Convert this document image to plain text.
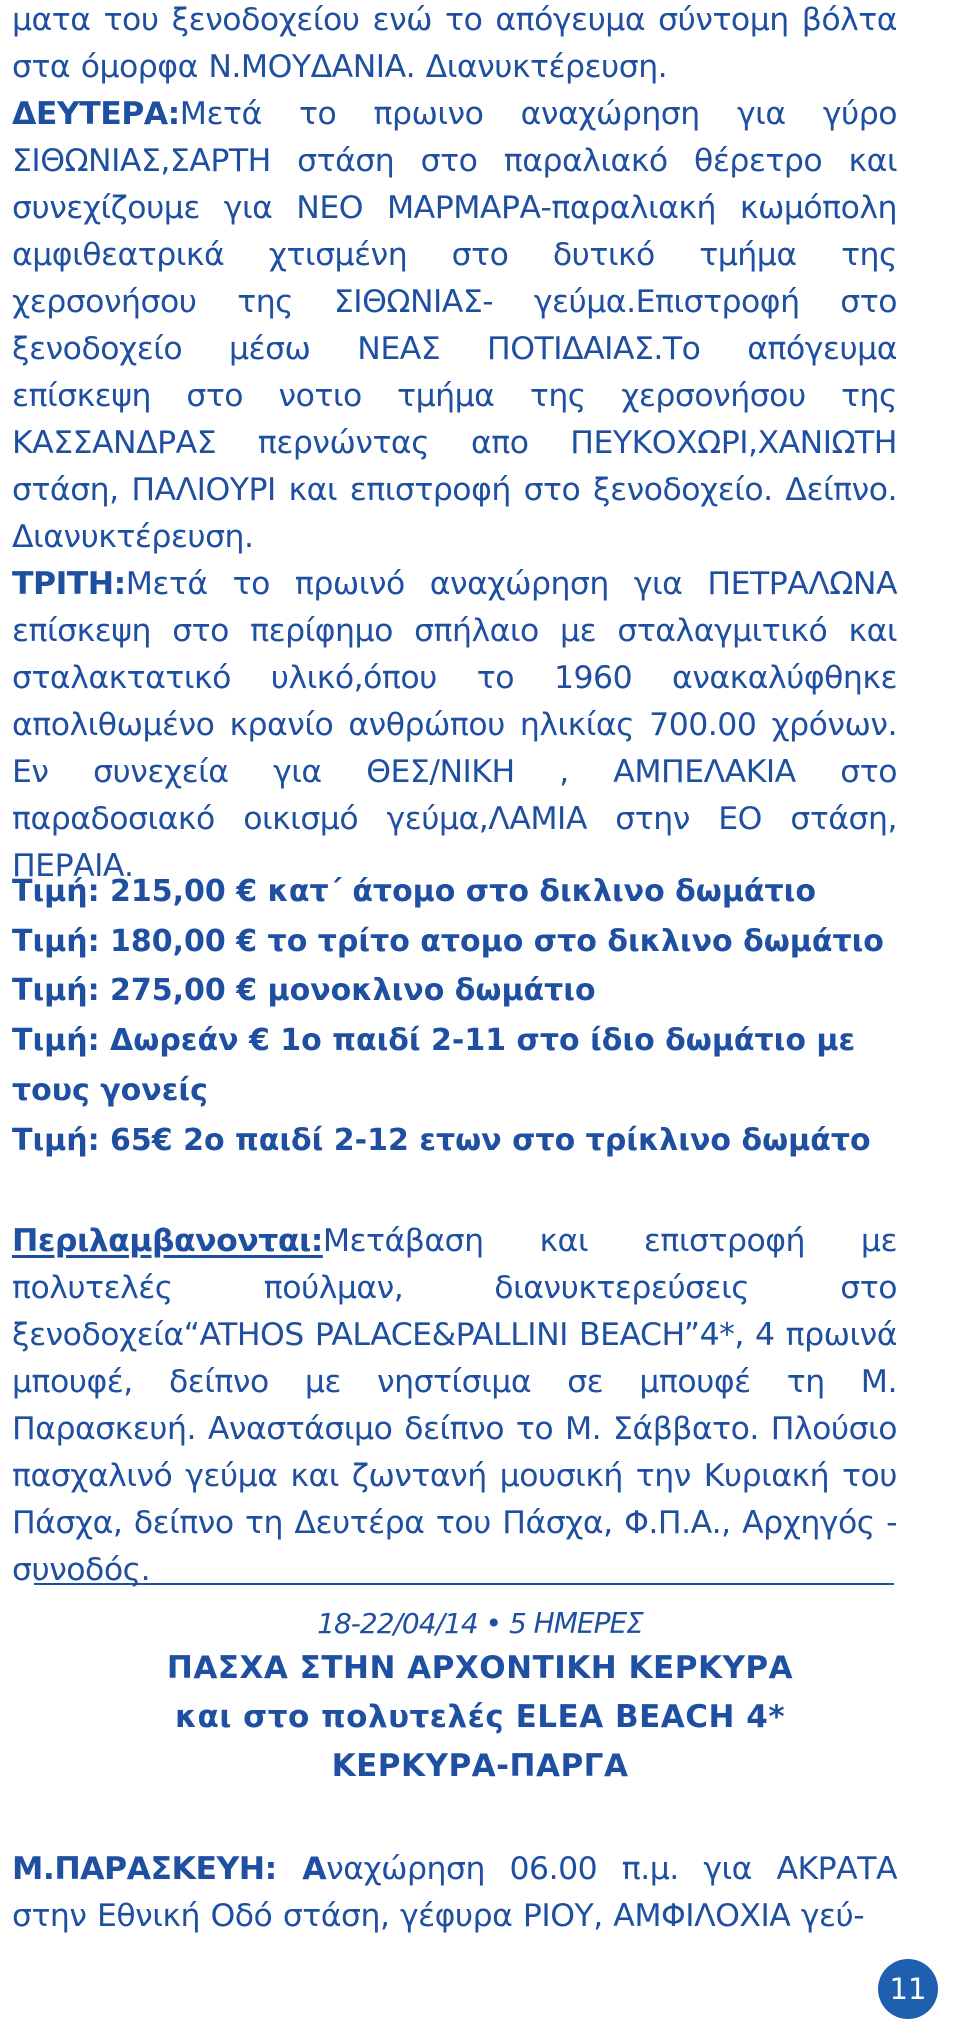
ματα του ξενοδοχείου ενώ το απόγευμα σύντομη βόλτα στα όμορφα Ν.ΜΟΥΔΑΝΙΑ. Διανυκτέρευση.
ΔΕΥΤΕΡΑ:Μετά το πρωινο αναχώρηση για γύρο ΣΙΘΩΝΙΑΣ,ΣΑΡΤΗ στάση στο παραλιακό θέρετρο και συνεχίζουμε για ΝΕΟ ΜΑΡΜΑΡΑ-παραλιακή κωμόπολη αμφιθεατρικά χτισμένη στο δυτικό τμήμα της χερσονήσου της ΣΙΘΩΝΙΑΣ- γεύμα.Επιστροφή στο ξενοδοχείο μέσω ΝΕΑΣ ΠΟΤΙΔΑΙΑΣ.Το απόγευμα επίσκεψη στο νοτιο τμήμα της χερσονήσου της ΚΑΣΣΑΝΔΡΑΣ περνώντας απο ΠΕΥΚΟΧΩΡΙ,ΧΑΝΙΩΤΗ στάση, ΠΑΛΙΟΥΡΙ και επιστροφή στο ξενοδοχείο. Δείπνο. Διανυκτέρευση.
ΤΡΙΤΗ:Μετά το πρωινό αναχώρηση για ΠΕΤΡΑΛΩΝΑ επίσκεψη στο περίφημο σπήλαιο με σταλαγμιτικό και σταλακτατικό υλικό,όπου το 1960 ανακαλύφθηκε απολιθωμένο κρανίο ανθρώπου ηλικίας 700.00 χρόνων. Εν συνεχεία για ΘΕΣ/ΝΙΚΗ , ΑΜΠΕΛΑΚΙΑ στο παραδοσιακό οικισμό γεύμα,ΛΑΜΙΑ στην ΕΟ στάση, ΠΕΡΑΙΑ.

Τιμή: 215,00 € κατ΄ άτομο στο δικλινο δωμάτιο

Τιμή: 180,00 € το τρίτο ατομο στο δικλινο δωμάτιο

Τιμή: 275,00 € μονοκλινο δωμάτιο

Τιμή: Δωρεάν € 1ο παιδί 2-11 στο ίδιο δωμάτιο με τους γονείς

Τιμή: 65€ 2ο παιδί 2-12 ετων στο τρίκλινο δωμάτο

Περιλαμβανονται:Μετάβαση και επιστροφή με πολυτελές πούλμαν, διανυκτερεύσεις στο ξενοδοχεία“ATHOS PALACE&PALLINI BEACH”4*, 4 πρωινά μπουφέ, δείπνο με νηστίσιμα σε μπουφέ τη Μ. Παρασκευή. Αναστάσιμο δείπνο το Μ. Σάββατο. Πλούσιο πασχαλινό γεύμα και ζωντανή μουσική την Κυριακή του Πάσχα, δείπνο τη Δευτέρα του Πάσχα, Φ.Π.Α., Αρχηγός - συνοδός.

18-22/04/14 • 5 ΗΜΕΡΕΣ

ΠΑΣΧΑ ΣΤΗΝ ΑΡΧΟΝΤΙΚΗ ΚΕΡΚΥΡΑ

και στο πολυτελές ELEA BEACH 4*

ΚΕΡΚΥΡΑ-ΠΑΡΓΑ

Μ.ΠΑΡΑΣΚΕΥΗ: Αναχώρηση 06.00 π.μ. για ΑΚΡΑΤΑ στην Εθνική Οδό στάση, γέφυρα ΡΙΟΥ, ΑΜΦΙΛΟΧΙΑ γεύ-

11
